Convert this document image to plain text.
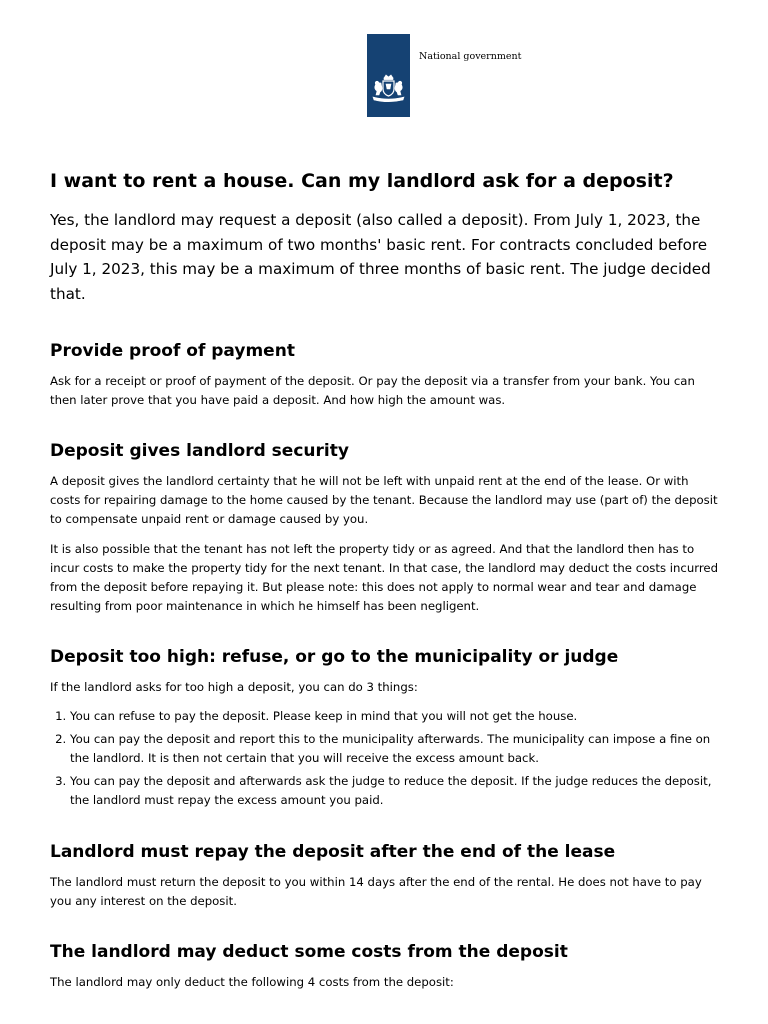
National government
I want to rent a house. Can my landlord ask for a deposit?

Yes, the landlord may request a deposit (also called a deposit). From July 1, 2023, the deposit may be a maximum of two months' basic rent. For contracts concluded before July 1, 2023, this may be a maximum of three months of basic rent. The judge decided that.

Provide proof of payment

Ask for a receipt or proof of payment of the deposit. Or pay the deposit via a transfer from your bank. You can then later prove that you have paid a deposit. And how high the amount was.

Deposit gives landlord security

A deposit gives the landlord certainty that he will not be left with unpaid rent at the end of the lease. Or with costs for repairing damage to the home caused by the tenant. Because the landlord may use (part of) the deposit to compensate unpaid rent or damage caused by you.

It is also possible that the tenant has not left the property tidy or as agreed. And that the landlord then has to incur costs to make the property tidy for the next tenant. In that case, the landlord may deduct the costs incurred from the deposit before repaying it. But please note: this does not apply to normal wear and tear and damage resulting from poor maintenance in which he himself has been negligent.

Deposit too high: refuse, or go to the municipality or judge

If the landlord asks for too high a deposit, you can do 3 things:

1. You can refuse to pay the deposit. Please keep in mind that you will not get the house.
2. You can pay the deposit and report this to the municipality afterwards. The municipality can impose a fine on the landlord. It is then not certain that you will receive the excess amount back.
3. You can pay the deposit and afterwards ask the judge to reduce the deposit. If the judge reduces the deposit, the landlord must repay the excess amount you paid.
Landlord must repay the deposit after the end of the lease

The landlord must return the deposit to you within 14 days after the end of the rental. He does not have to pay you any interest on the deposit.

The landlord may deduct some costs from the deposit

The landlord may only deduct the following 4 costs from the deposit:
